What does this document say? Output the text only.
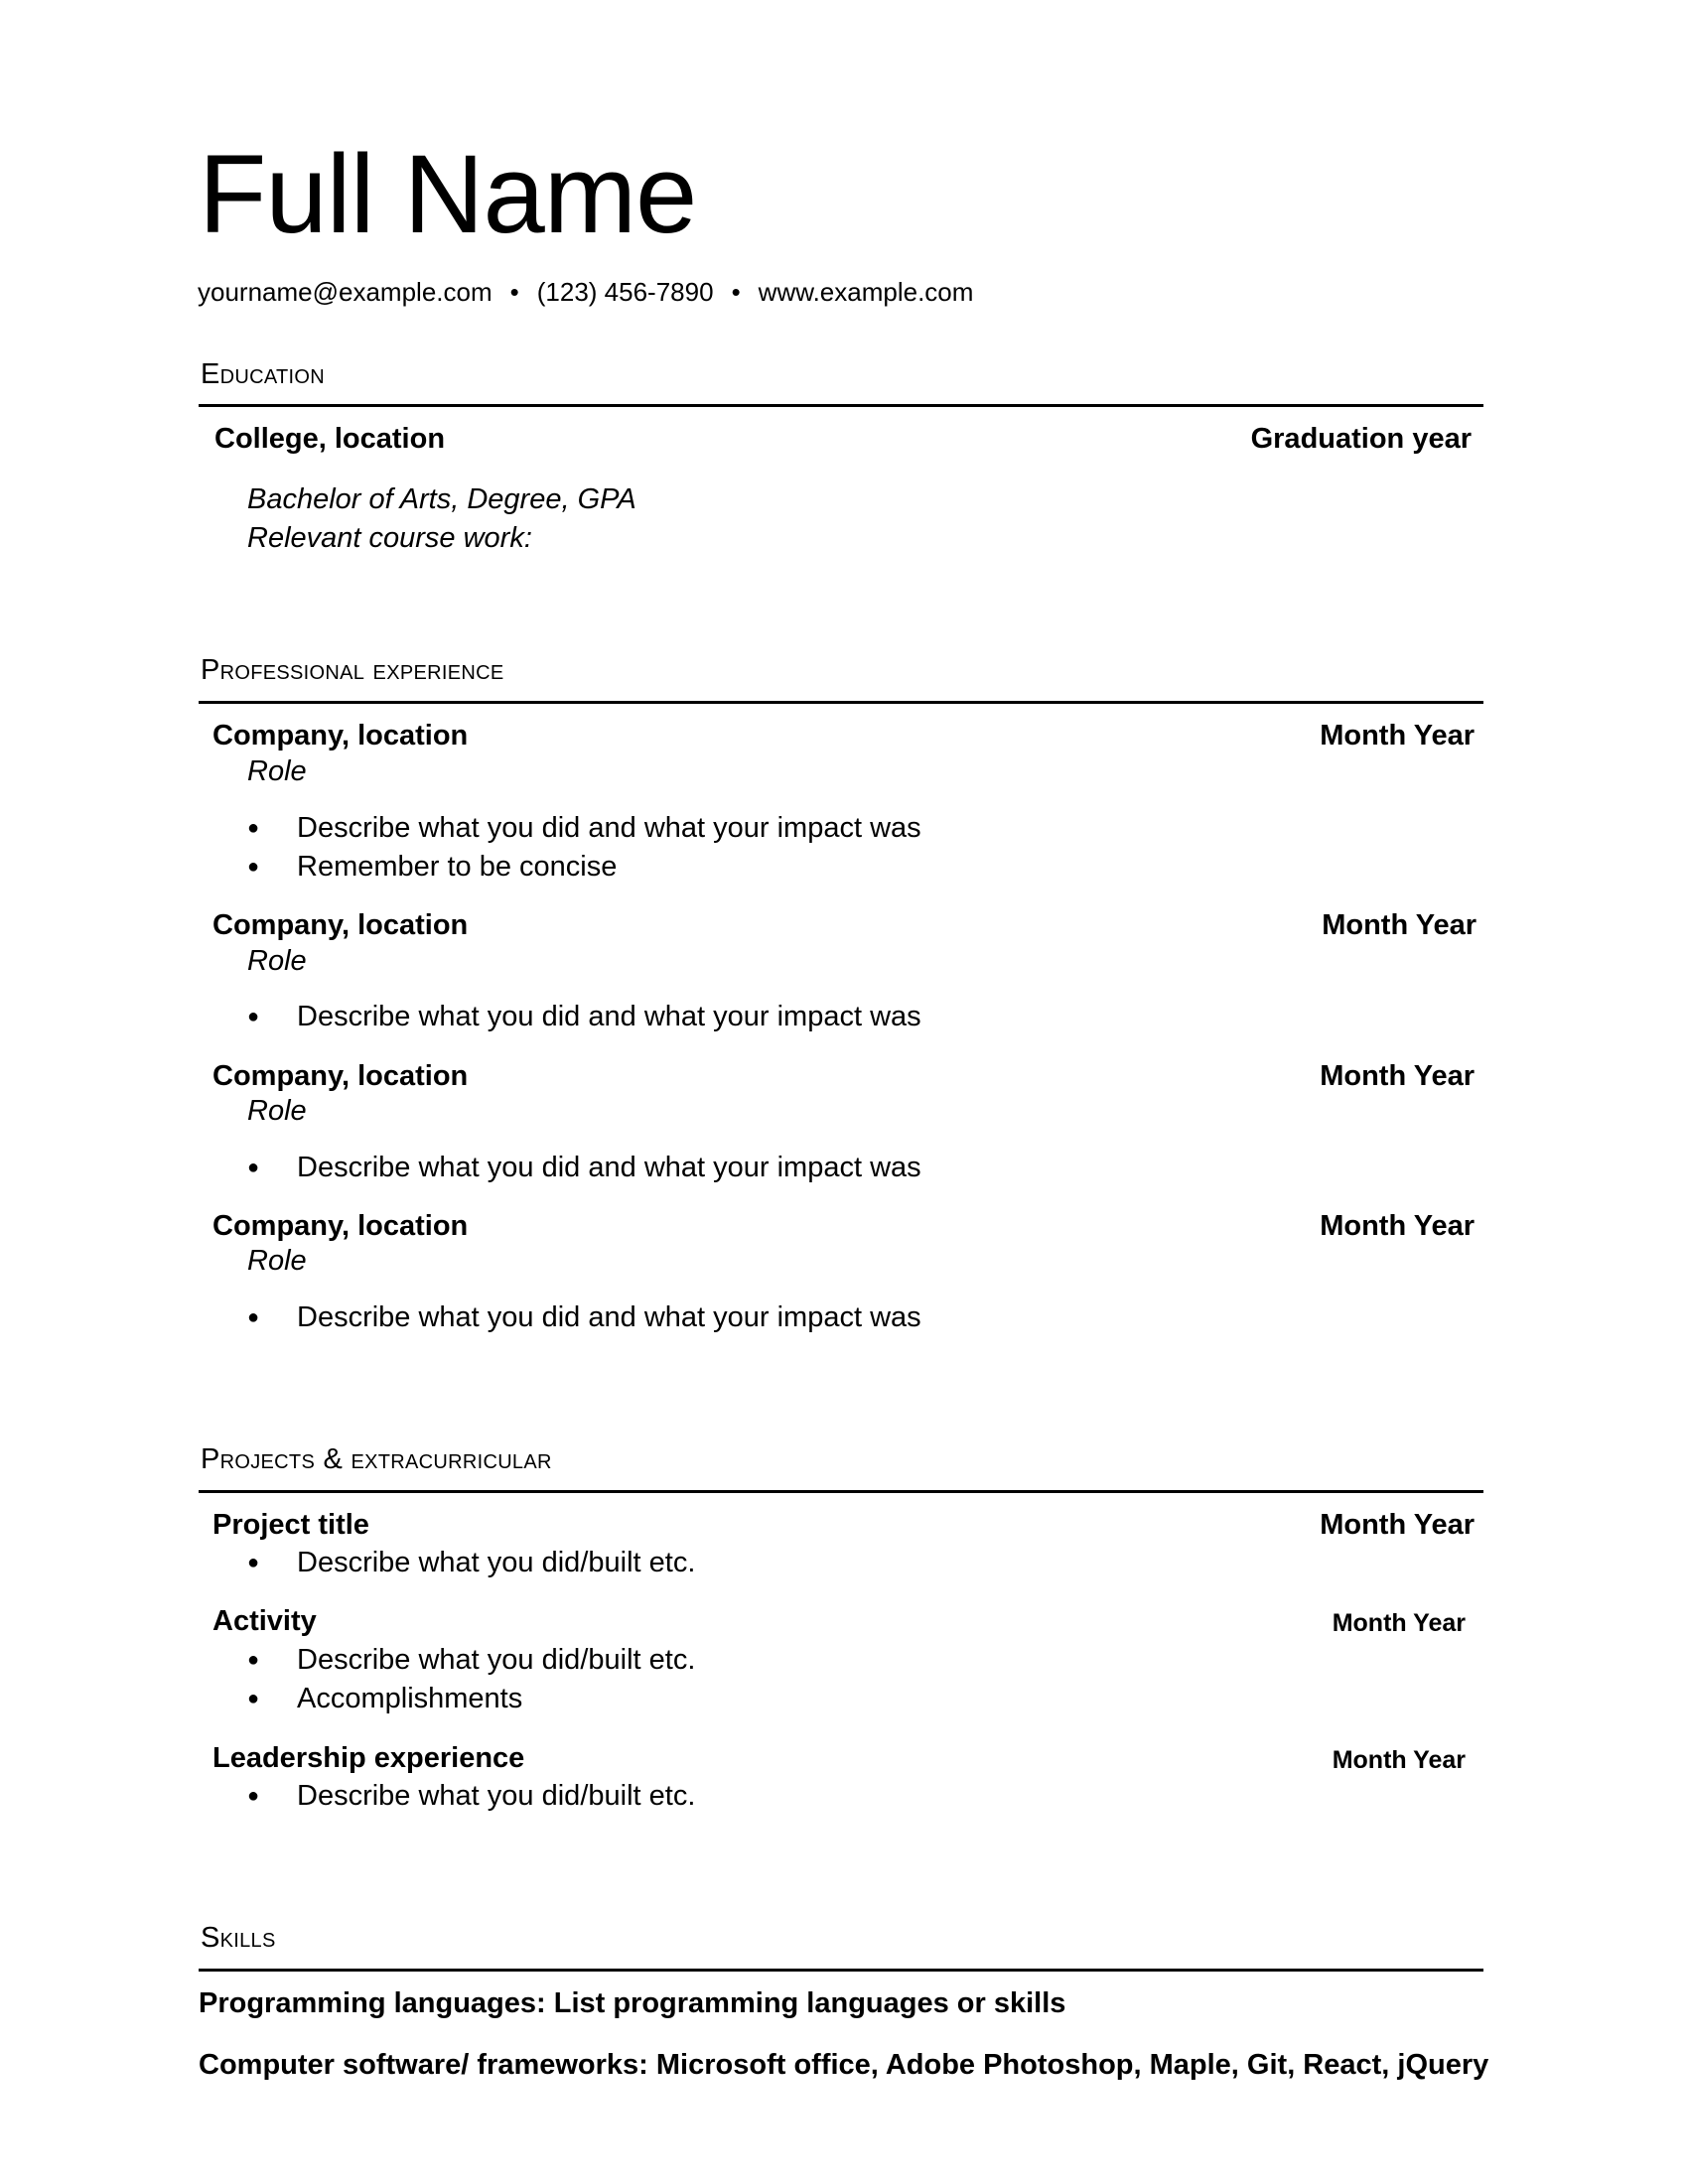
Full Name
yourname@example.com • (123) 456-7890 • www.example.com
Education
College, location	Graduation year
Bachelor of Arts, Degree, GPA
Relevant course work:
Professional experience
Company, location	Month Year
Role
● Describe what you did and what your impact was
● Remember to be concise
Company, location	Month Year
Role
● Describe what you did and what your impact was
Company, location	Month Year
Role
● Describe what you did and what your impact was
Company, location	Month Year
Role
● Describe what you did and what your impact was
Projects & extracurricular
Project title	Month Year
● Describe what you did/built etc.
Activity	Month Year
● Describe what you did/built etc.
● Accomplishments
Leadership experience	Month Year
● Describe what you did/built etc.
Skills
Programming languages: List programming languages or skills
Computer software/ frameworks: Microsoft office, Adobe Photoshop, Maple, Git, React, jQuery
